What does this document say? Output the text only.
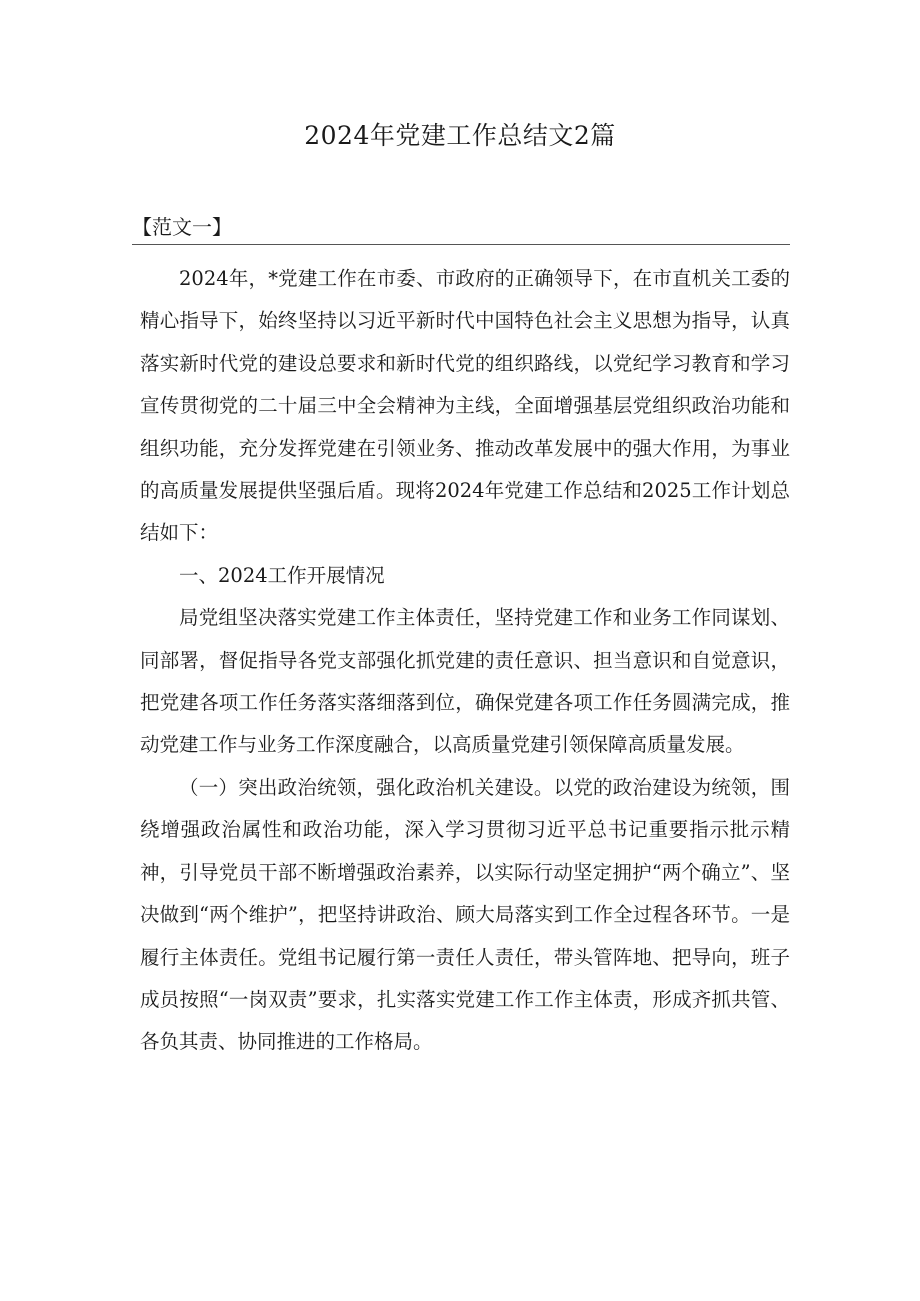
2024年党建工作总结文2篇
【范文一】

2024年，*党建工作在市委、市政府的正确领导下，在市直机关工委的精心指导下，始终坚持以习近平新时代中国特色社会主义思想为指导，认真落实新时代党的建设总要求和新时代党的组织路线，以党纪学习教育和学习宣传贯彻党的二十届三中全会精神为主线，全面增强基层党组织政治功能和组织功能，充分发挥党建在引领业务、推动改革发展中的强大作用，为事业的高质量发展提供坚强后盾。现将2024年党建工作总结和2025工作计划总结如下：

一、2024工作开展情况

局党组坚决落实党建工作主体责任，坚持党建工作和业务工作同谋划、同部署，督促指导各党支部强化抓党建的责任意识、担当意识和自觉意识，把党建各项工作任务落实落细落到位，确保党建各项工作任务圆满完成，推动党建工作与业务工作深度融合，以高质量党建引领保障高质量发展。

（一）突出政治统领，强化政治机关建设。以党的政治建设为统领，围绕增强政治属性和政治功能，深入学习贯彻习近平总书记重要指示批示精神，引导党员干部不断增强政治素养，以实际行动坚定拥护“两个确立”、坚决做到“两个维护”，把坚持讲政治、顾大局落实到工作全过程各环节。一是履行主体责任。党组书记履行第一责任人责任，带头管阵地、把导向，班子成员按照“一岗双责”要求，扎实落实党建工作工作主体责，形成齐抓共管、各负其责、协同推进的工作格局。
